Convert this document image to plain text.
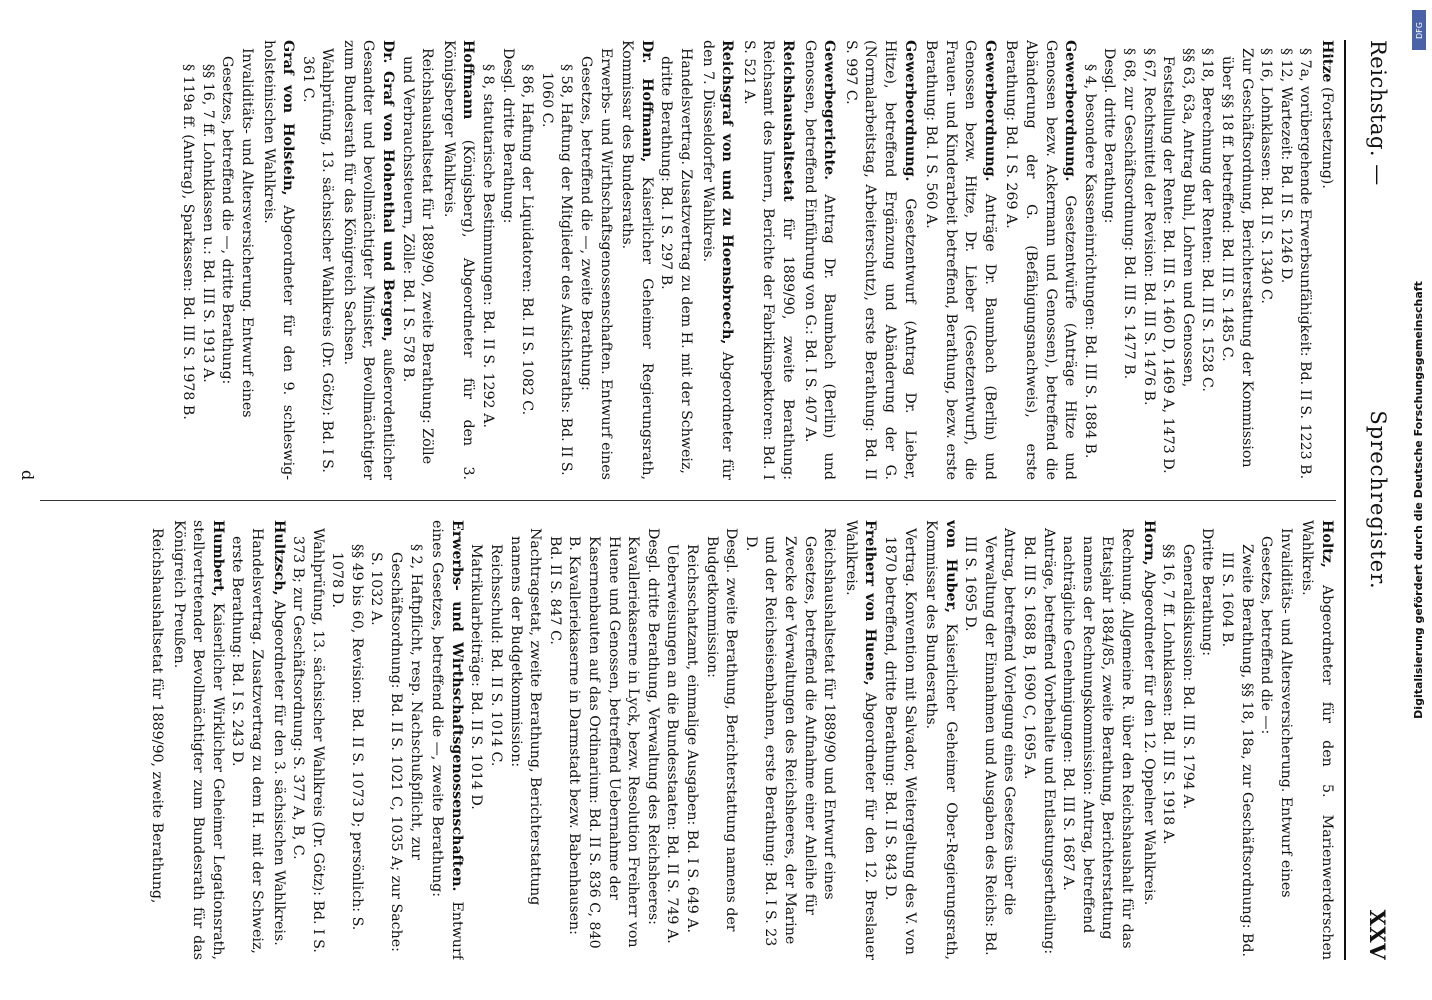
Reichstag. —
Sprechregister.
XXV
Hitze (Fortsetzung).
§ 7a, vorübergehende Erwerbsunfähigkeit: Bd. II S. 1223 B.
§ 12, Wartezeit: Bd. II S. 1246 D.
§ 16, Lohnklassen: Bd. II S. 1340 C.
Zur Geschäftsordnung, Berichterstattung der Kommission über §§ 18 ff. betreffend: Bd. III S. 1485 C.
§ 18, Berechnung der Renten: Bd. III S. 1528 C.
§§ 63, 63a, Antrag Buhl, Lohren und Genossen, Feststellung der Rente: Bd. III S. 1460 D, 1469 A, 1473 D.
§ 67, Rechtsmittel der Revision: Bd. III S. 1476 B.
§ 68, zur Geschäftsordnung: Bd. III S. 1477 B.
Desgl. dritte Berathung:
§ 4, besondere Kasseneinrichtungen: Bd. III S. 1884 B.
Gewerbeordnung. Gesetzentwürfe (Anträge Hitze und Genossen bezw. Ackermann und Genossen), betreffend die Abänderung der G. (Befähigungsnachweis), erste Berathung: Bd. I S. 269 A.
Gewerbeordnung. Anträge Dr. Baumbach (Berlin) und Genossen bezw. Hitze, Dr. Lieber (Gesetzentwurf), die Frauen- und Kinderarbeit betreffend, Berathung, bezw. erste Berathung: Bd. I S. 560 A.
Gewerbeordnung. Gesetzentwurf (Antrag Dr. Lieber, Hitze), betreffend Ergänzung und Abänderung der G. (Normalarbeitstag, Arbeiterschutz), erste Berathung: Bd. II S. 997 C.
Gewerbegerichte. Antrag Dr. Baumbach (Berlin) und Genossen, betreffend Einführung von G.: Bd. I S. 407 A.
Reichshaushaltsetat für 1889/90, zweite Berathung: Reichsamt des Innern, Berichte der Fabrikinspektoren: Bd. I S. 521 A.
Reichsgraf von und zu Hoensbroech, Abgeordneter für den 7. Düsseldorfer Wahlkreis.
Handelsvertrag. Zusatzvertrag zu dem H. mit der Schweiz, dritte Berathung: Bd. I S. 297 B.
Dr. Hoffmann, Kaiserlicher Geheimer Regierungsrath, Kommissar des Bundesraths.
Erwerbs- und Wirthschaftsgenossenschaften. Entwurf eines Gesetzes, betreffend die —, zweite Berathung:
§ 58, Haftung der Mitglieder des Aufsichtsraths: Bd. II S. 1060 C.
§ 86, Haftung der Liquidatoren: Bd. II S. 1082 C.
Desgl. dritte Berathung:
§ 8, statutarische Bestimmungen: Bd. II S. 1292 A.
Hoffmann (Königsberg), Abgeordneter für den 3. Königsberger Wahlkreis.
Reichshaushaltsetat für 1889/90, zweite Berathung: Zölle und Verbrauchssteuern, Zölle: Bd. I S. 578 B.
Dr. Graf von Hohenthal und Bergen, außerordentlicher Gesandter und bevollmächtigter Minister, Bevollmächtigter zum Bundesrath für das Königreich Sachsen.
Wahlprüfung, 13. sächsischer Wahlkreis (Dr. Götz): Bd. I S. 361 C.
Graf von Holstein, Abgeordneter für den 9. schleswig-holsteinischen Wahlkreis.
Invaliditäts- und Altersversicherung. Entwurf eines Gesetzes, betreffend die —, dritte Berathung:
§§ 16, 7 ff. Lohnklassen u.: Bd. III S. 1913 A.
§ 119a ff. (Antrag), Sparkassen: Bd. III S. 1978 B.
Holtz, Abgeordneter für den 5. Marienwerderschen Wahlkreis.
Invaliditäts- und Altersversicherung. Entwurf eines Gesetzes, betreffend die —:
Zweite Berathung, §§ 18, 18a, zur Geschäftsordnung: Bd. III S. 1604 B.
Dritte Berathung:
Generaldiskussion: Bd. III S. 1794 A.
§§ 16, 7 ff. Lohnklassen: Bd. III S. 1918 A.
Horn, Abgeordneter für den 12. Oppelner Wahlkreis.
Rechnung. Allgemeine R. über den Reichshaushalt für das Etatsjahr 1884/85, zweite Berathung, Berichterstattung namens der Rechnungskommission: Antrag, betreffend nachträgliche Genehmigungen: Bd. III S. 1687 A.
Anträge, betreffend Vorbehalte und Entlastungsertheilung: Bd. III S. 1688 B, 1690 C, 1695 A.
Antrag, betreffend Vorlegung eines Gesetzes über die Verwaltung der Einnahmen und Ausgaben des Reichs: Bd. III S. 1695 D.
von Huber, Kaiserlicher Geheimer Ober-Regierungsrath, Kommissar des Bundesraths.
Vertrag. Konvention mit Salvador, Weitergeltung des V. von 1870 betreffend, dritte Berathung: Bd. II S. 843 D.
Freiherr von Huene, Abgeordneter für den 12. Breslauer Wahlkreis.
Reichshaushaltsetat für 1889/90 und Entwurf eines Gesetzes, betreffend die Aufnahme einer Anleihe für Zwecke der Verwaltungen des Reichsheeres, der Marine und der Reichseisenbahnen, erste Berathung: Bd. I S. 23 D.
Desgl. zweite Berathung, Berichterstattung namens der Budgetkommission:
Reichsschatzamt, einmalige Ausgaben: Bd. I S. 649 A.
Ueberweisungen an die Bundesstaaten: Bd. II S. 749 A.
Desgl. dritte Berathung, Verwaltung des Reichsheeres: Kavalleriekaserne in Lyck, bezw. Resolution Freiherr von Huene und Genossen, betreffend Uebernahme der Kasernenbauten auf das Ordinarium: Bd. II S. 836 C, 840 B. Kavalleriekaserne in Darmstadt bezw. Babenhausen: Bd. II S. 847 C.
Nachtragsetat, zweite Berathung, Berichterstattung namens der Budgetkommission:
Reichsschuld: Bd. II S. 1014 C.
Matrikularbeiträge: Bd. II S. 1014 D.
Erwerbs- und Wirthschaftsgenossenschaften. Entwurf eines Gesetzes, betreffend die —, zweite Berathung:
§ 2, Haftpflicht, resp. Nachschußpflicht, zur Geschäftsordnung: Bd. II S. 1021 C, 1035 A; zur Sache: S. 1032 A.
§§ 49 bis 60, Revision: Bd. II S. 1073 D; persönlich: S. 1078 D.
Wahlprüfung, 13. sächsischer Wahlkreis (Dr. Götz): Bd. I S. 373 B; zur Geschäftsordnung: S. 377 A, B, C.
Hultzsch, Abgeordneter für den 3. sächsischen Wahlkreis.
Handelsvertrag. Zusatzvertrag zu dem H. mit der Schweiz, erste Berathung: Bd. I S. 243 D.
Humbert, Kaiserlicher Wirklicher Geheimer Legationsrath, stellvertretender Bevollmächtigter zum Bundesrath für das Königreich Preußen.
Reichshaushaltsetat für 1889/90, zweite Berathung,
d
DFG
Digitalisierung gefördert durch die Deutsche Forschungsgemeinschaft
